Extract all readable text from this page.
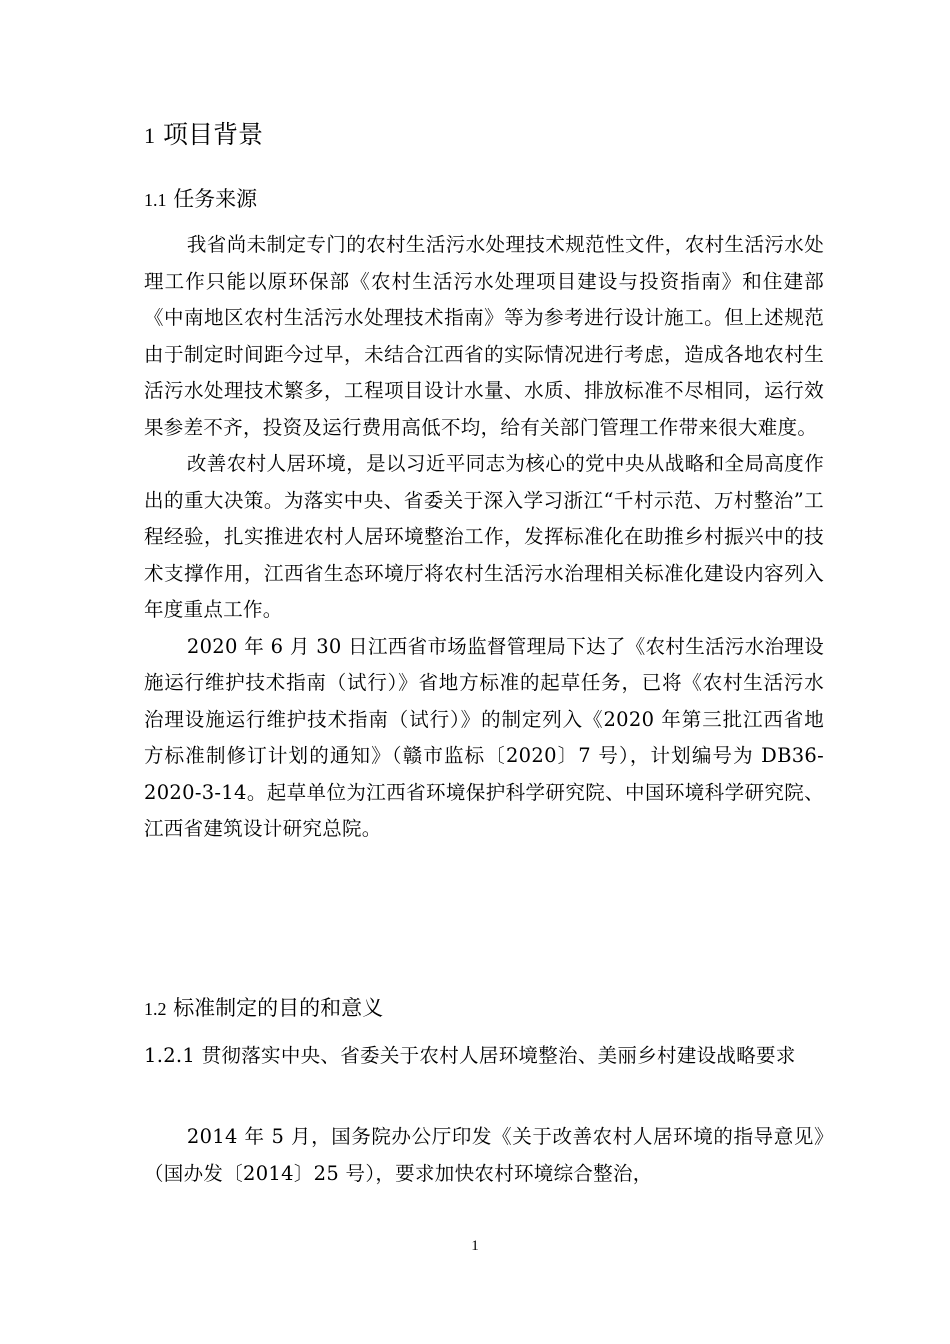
1 项目背景
1.1 任务来源

我省尚未制定专门的农村生活污水处理技术规范性文件，农村生活污水处理工作只能以原环保部《农村生活污水处理项目建设与投资指南》和住建部《中南地区农村生活污水处理技术指南》等为参考进行设计施工。但上述规范由于制定时间距今过早，未结合江西省的实际情况进行考虑，造成各地农村生活污水处理技术繁多，工程项目设计水量、水质、排放标准不尽相同，运行效果参差不齐，投资及运行费用高低不均，给有关部门管理工作带来很大难度。

改善农村人居环境，是以习近平同志为核心的党中央从战略和全局高度作出的重大决策。为落实中央、省委关于深入学习浙江“千村示范、万村整治”工程经验，扎实推进农村人居环境整治工作，发挥标准化在助推乡村振兴中的技术支撑作用，江西省生态环境厅将农村生活污水治理相关标准化建设内容列入年度重点工作。

2020 年 6 月 30 日江西省市场监督管理局下达了《农村生活污水治理设施运行维护技术指南（试行）》省地方标准的起草任务，已将《农村生活污水治理设施运行维护技术指南（试行）》的制定列入《2020 年第三批江西省地方标准制修订计划的通知》（赣市监标〔2020〕7 号），计划编号为 DB36-2020-3-14。起草单位为江西省环境保护科学研究院、中国环境科学研究院、江西省建筑设计研究总院。

1.2 标准制定的目的和意义
1.2.1 贯彻落实中央、省委关于农村人居环境整治、美丽乡村建设战略要求

2014 年 5 月，国务院办公厅印发《关于改善农村人居环境的指导意见》（国办发〔2014〕25 号），要求加快农村环境综合整治，

1
